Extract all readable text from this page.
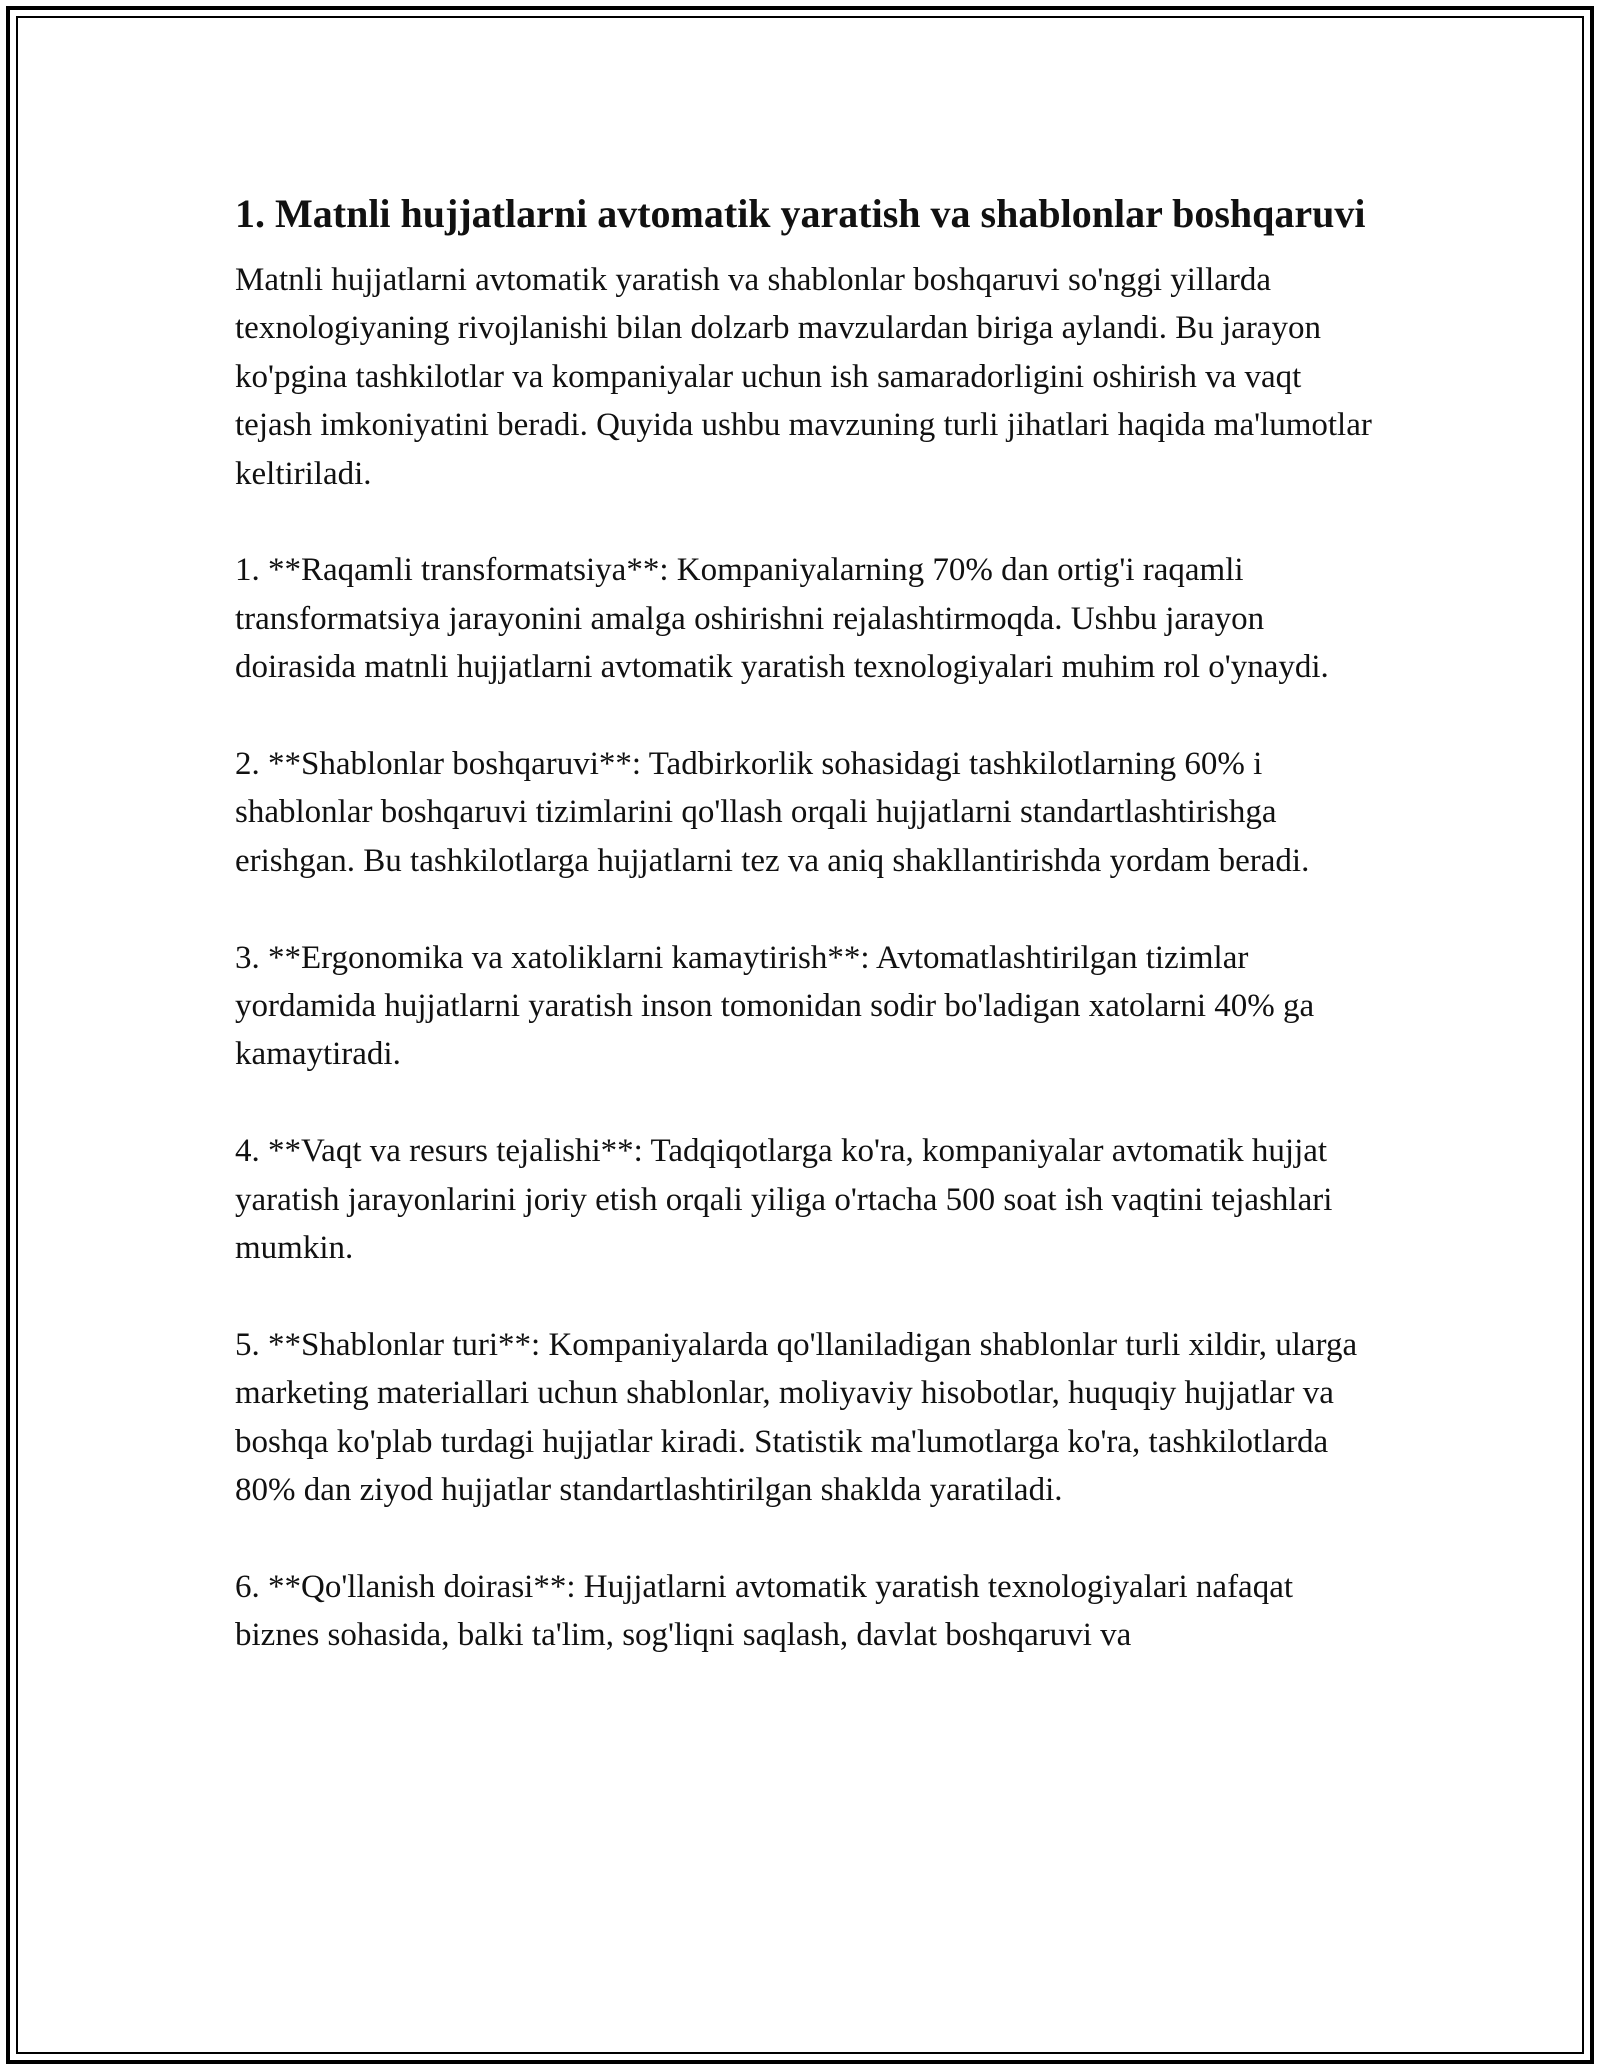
1. Matnli hujjatlarni avtomatik yaratish va shablonlar boshqaruvi

Matnli hujjatlarni avtomatik yaratish va shablonlar boshqaruvi so'nggi yillarda texnologiyaning rivojlanishi bilan dolzarb mavzulardan biriga aylandi. Bu jarayon ko'pgina tashkilotlar va kompaniyalar uchun ish samaradorligini oshirish va vaqt tejash imkoniyatini beradi. Quyida ushbu mavzuning turli jihatlari haqida ma'lumotlar keltiriladi.

1. **Raqamli transformatsiya**: Kompaniyalarning 70% dan ortig'i raqamli transformatsiya jarayonini amalga oshirishni rejalashtirmoqda. Ushbu jarayon doirasida matnli hujjatlarni avtomatik yaratish texnologiyalari muhim rol o'ynaydi.

2. **Shablonlar boshqaruvi**: Tadbirkorlik sohasidagi tashkilotlarning 60% i shablonlar boshqaruvi tizimlarini qo'llash orqali hujjatlarni standartlashtirishga erishgan. Bu tashkilotlarga hujjatlarni tez va aniq shakllantirishda yordam beradi.

3. **Ergonomika va xatoliklarni kamaytirish**: Avtomatlashtirilgan tizimlar yordamida hujjatlarni yaratish inson tomonidan sodir bo'ladigan xatolarni 40% ga kamaytiradi.

4. **Vaqt va resurs tejalishi**: Tadqiqotlarga ko'ra, kompaniyalar avtomatik hujjat yaratish jarayonlarini joriy etish orqali yiliga o'rtacha 500 soat ish vaqtini tejashlari mumkin.

5. **Shablonlar turi**: Kompaniyalarda qo'llaniladigan shablonlar turli xildir, ularga marketing materiallari uchun shablonlar, moliyaviy hisobotlar, huquqiy hujjatlar va boshqa ko'plab turdagi hujjatlar kiradi. Statistik ma'lumotlarga ko'ra, tashkilotlarda 80% dan ziyod hujjatlar standartlashtirilgan shaklda yaratiladi.

6. **Qo'llanish doirasi**: Hujjatlarni avtomatik yaratish texnologiyalari nafaqat biznes sohasida, balki ta'lim, sog'liqni saqlash, davlat boshqaruvi va
